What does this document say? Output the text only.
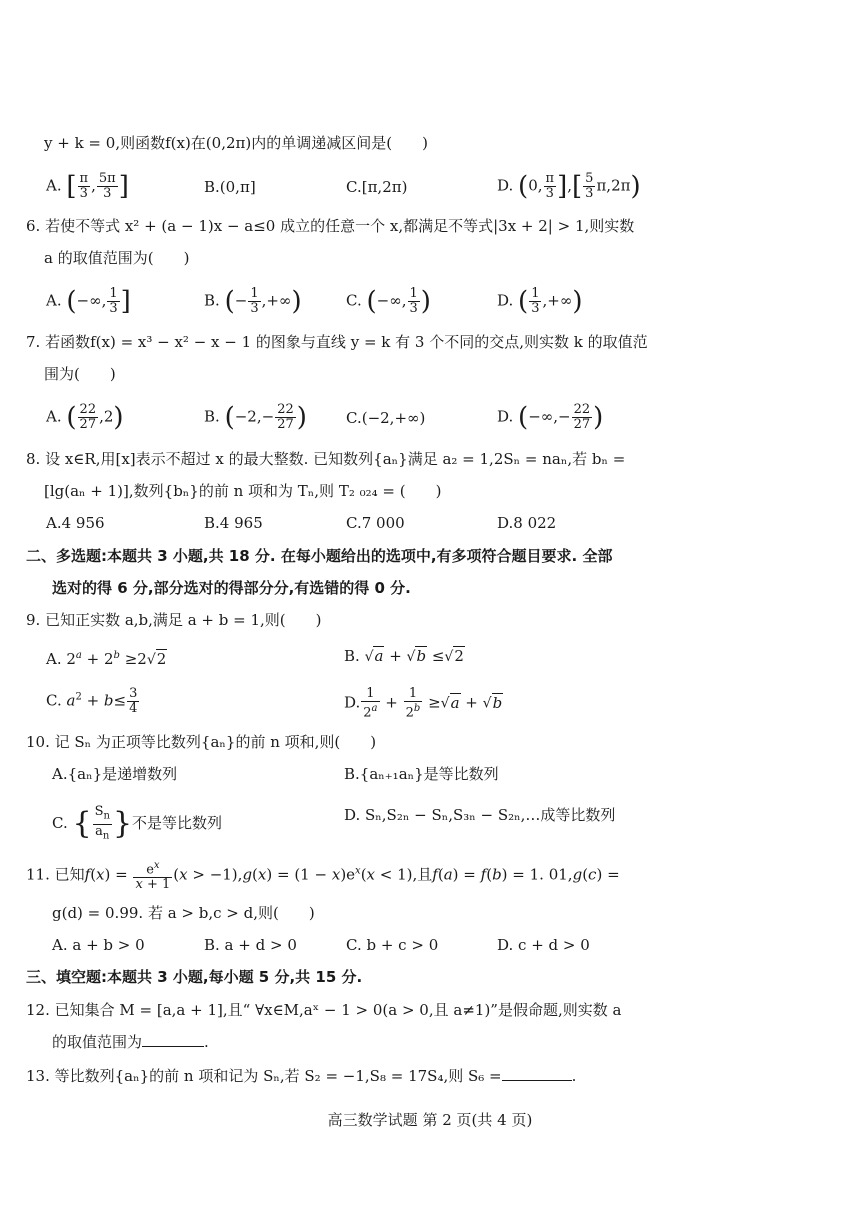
y + k = 0,则函数f(x)在(0,2π)内的单调递减区间是(　　)
A. [ $\frac{\pi}{3}$ , $\frac{5\pi}{3}$ ]	B.(0,π]	C.[π,2π)	D. (0, $\frac{\pi}{3}$ ],[ $\frac{5}{3} \pi,2\pi$)
6. 若使不等式 x² + (a − 1)x − a≤0 成立的任意一个 x,都满足不等式|3x + 2| > 1,则实数
a 的取值范围为(　　)
A. (−∞, $\frac{1}{3}$ ]	B. (− $\frac{1}{3}$ ,+∞)	C. (−∞, $\frac{1}{3}$ )	D. ( $\frac{1}{3}$ ,+∞)
7. 若函数f(x) = x³ − x² − x − 1 的图象与直线 y = k 有 3 个不同的交点,则实数 k 的取值范
围为(　　)
A. ( $\frac{22}{27} ,2$)	B. ($-2,- \frac{22}{27}$ )	C.(−2,+∞)	D. (−∞,− $\frac{22}{27}$ )
8. 设 x∈R,用[x]表示不超过 x 的最大整数. 已知数列{aₙ}满足 a₂ = 1,2Sₙ = naₙ,若 bₙ =
[lg(aₙ + 1)],数列{bₙ}的前 n 项和为 Tₙ,则 T₂ ₀₂₄ = (　　)
A.4 956	B.4 965	C.7 000	D.8 022
二、多选题:本题共 3 小题,共 18 分. 在每小题给出的选项中,有多项符合题目要求. 全部
选对的得 6 分,部分选对的得部分分,有选错的得 0 分.
9. 已知正实数 a,b,满足 a + b = 1,则(　　)
A. $2^a + 2^b \ge 2√2$	B. √a + √b ≤√2
C. $a^2 + b\le \frac{3}{4}$	D. $\frac{1}{2^a} + \frac{1}{2^b} \ge√a + √b$
10. 记 Sₙ 为正项等比数列{aₙ}的前 n 项和,则(　　)
A.{aₙ}是递增数列	B.{aₙ₊₁aₙ}是等比数列
C. { $\frac{S_n}{a_n}$ }不是等比数列	D. Sₙ,S₂ₙ − Sₙ,S₃ₙ − S₂ₙ,…成等比数列
11. 已知$f(x) = \frac{e^x}{x + 1} (x > -1),g(x) = (1 - x)e^x(x < 1)$,且f(a) = f(b) = 1. 01,g(c) =
g(d) = 0.99. 若 a > b,c > d,则(　　)
A. a + b > 0	B. a + d > 0	C. b + c > 0	D. c + d > 0
三、填空题:本题共 3 小题,每小题 5 分,共 15 分.
12. 已知集合 M = [a,a + 1],且“ ∀x∈M,aˣ − 1 > 0(a > 0,且 a≠1)”是假命题,则实数 a
的取值范围为	.
13. 等比数列{aₙ}的前 n 项和记为 Sₙ,若 S₂ = −1,S₈ = 17S₄,则 S₆ =	.
高三数学试题 第 2 页(共 4 页)
